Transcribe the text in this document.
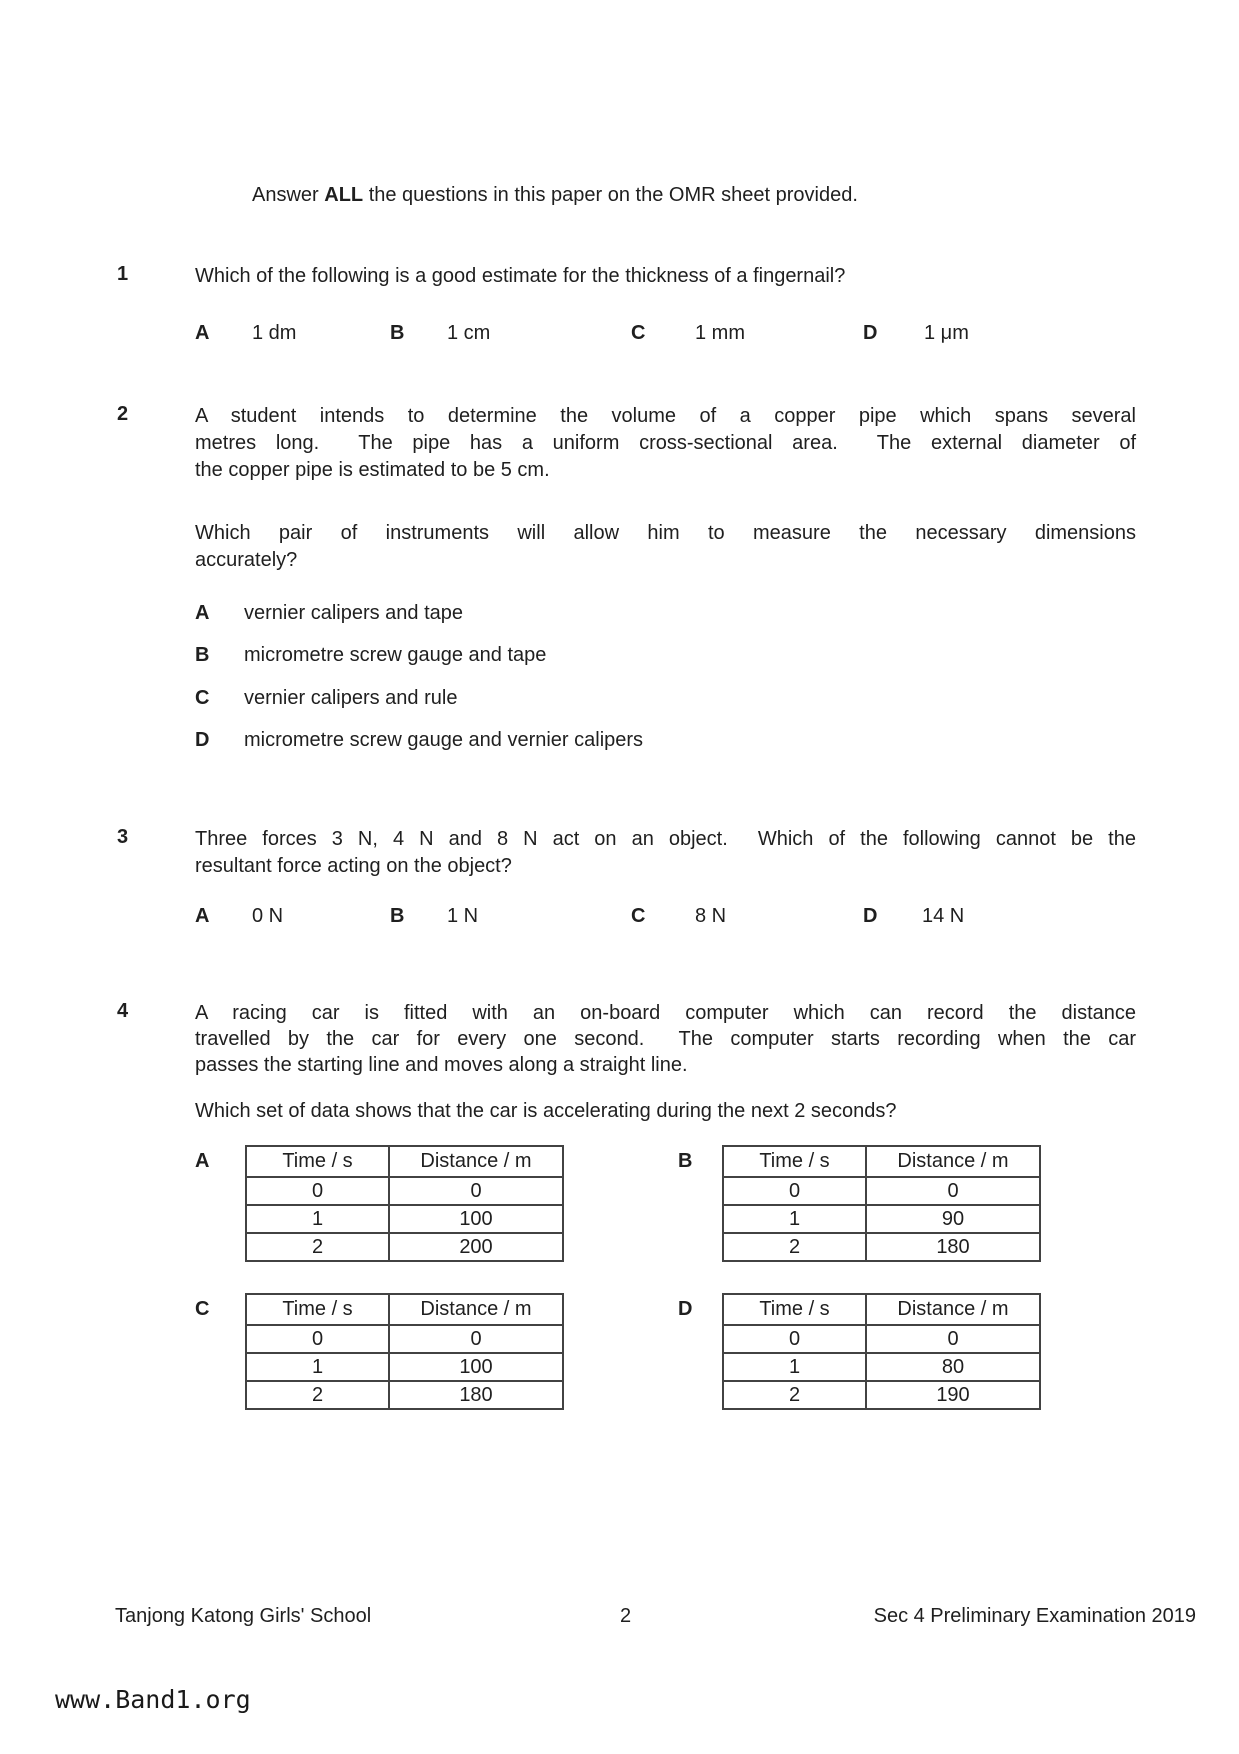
Answer ALL the questions in this paper on the OMR sheet provided.
1	Which of the following is a good estimate for the thickness of a fingernail?
A 1 dm	B 1 cm	C 1 mm	D 1 μm
2	A student intends to determine the volume of a copper pipe which spans several
metres long.  The pipe has a uniform cross-sectional area.  The external diameter of
the copper pipe is estimated to be 5 cm.
Which pair of instruments will allow him to measure the necessary dimensions
accurately?
A vernier calipers and tape
B micrometre screw gauge and tape
C vernier calipers and rule
D micrometre screw gauge and vernier calipers
3	Three forces 3 N, 4 N and 8 N act on an object.  Which of the following cannot be the
resultant force acting on the object?
A 0 N	B 1 N	C 8 N	D 14 N
4	A racing car is fitted with an on-board computer which can record the distance
travelled by the car for every one second.  The computer starts recording when the car
passes the starting line and moves along a straight line.
Which set of data shows that the car is accelerating during the next 2 seconds?
A	Time / s	Distance / m
0	0
1	100
2	200
B	Time / s	Distance / m
0	0
1	90
2	180
C	Time / s	Distance / m
0	0
1	100
2	180
D	Time / s	Distance / m
0	0
1	80
2	190
Tanjong Katong Girls' School	2	Sec 4 Preliminary Examination 2019
www.Band1.org
